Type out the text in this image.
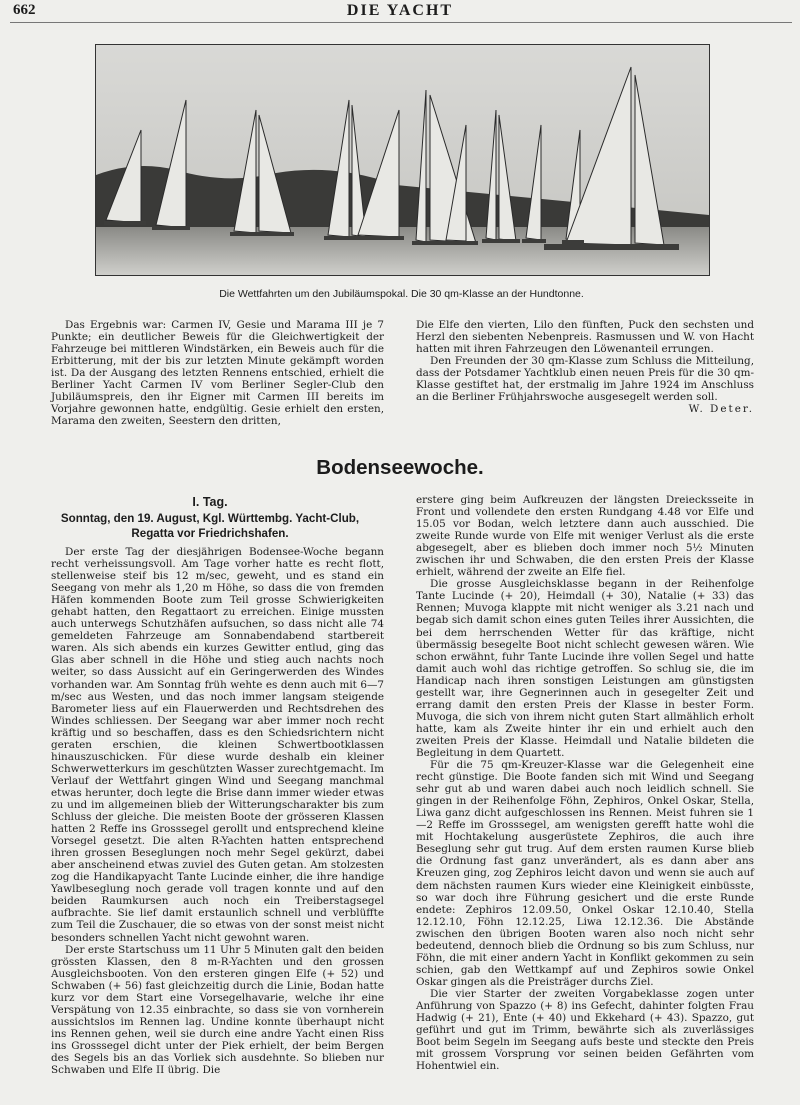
662	DIE YACHT
Die Wettfahrten um den Jubiläumspokal. Die 30 qm-Klasse an der Hundtonne.

Das Ergebnis war: Carmen IV, Gesie und Marama III je 7 Punkte; ein deutlicher Beweis für die Gleichwertigkeit der Fahrzeuge bei mittleren Windstärken, ein Beweis auch für die Erbitterung, mit der bis zur letzten Minute gekämpft worden ist. Da der Ausgang des letzten Rennens entschied, erhielt die Berliner Yacht Carmen IV vom Berliner Segler-Club den Jubiläumspreis, den ihr Eigner mit Carmen III bereits im Vorjahre gewonnen hatte, endgültig. Gesie erhielt den ersten, Marama den zweiten, Seestern den dritten,

Die Elfe den vierten, Lilo den fünften, Puck den sechsten und Herzl den siebenten Nebenpreis. Rasmussen und W. von Hacht hatten mit ihren Fahrzeugen den Löwenanteil errungen.

Den Freunden der 30 qm-Klasse zum Schluss die Mitteilung, dass der Potsdamer Yachtklub einen neuen Preis für die 30 qm-Klasse gestiftet hat, der erstmalig im Jahre 1924 im Anschluss an die Berliner Frühjahrswoche ausgesegelt werden soll.
W. Deter.

Bodenseewoche.
I. Tag.
Sonntag, den 19. August, Kgl. Württembg. Yacht-Club, Regatta vor Friedrichshafen.

Der erste Tag der diesjährigen Bodensee-Woche begann recht verheissungsvoll. Am Tage vorher hatte es recht flott, stellenweise steif bis 12 m/sec, geweht, und es stand ein Seegang von mehr als 1,20 m Höhe, so dass die von fremden Häfen kommenden Boote zum Teil grosse Schwierigkeiten gehabt hatten, den Regattaort zu erreichen. Einige mussten auch unterwegs Schutzhäfen aufsuchen, so dass nicht alle 74 gemeldeten Fahrzeuge am Sonnabendabend startbereit waren. Als sich abends ein kurzes Gewitter entlud, ging das Glas aber schnell in die Höhe und stieg auch nachts noch weiter, so dass Aussicht auf ein Geringerwerden des Windes vorhanden war. Am Sonntag früh wehte es denn auch mit 6—7 m/sec aus Westen, und das noch immer langsam steigende Barometer liess auf ein Flauerwerden und Rechtsdrehen des Windes schliessen. Der Seegang war aber immer noch recht kräftig und so beschaffen, dass es den Schiedsrichtern nicht geraten erschien, die kleinen Schwertbootklassen hinauszuschicken. Für diese wurde deshalb ein kleiner Schwerwetterkurs im geschützten Wasser zurechtgemacht. Im Verlauf der Wettfahrt gingen Wind und Seegang manchmal etwas herunter, doch legte die Brise dann immer wieder etwas zu und im allgemeinen blieb der Witterungscharakter bis zum Schluss der gleiche. Die meisten Boote der grösseren Klassen hatten 2 Reffe ins Grosssegel gerollt und entsprechend kleine Vorsegel gesetzt. Die alten R-Yachten hatten entsprechend ihren grossen Beseglungen noch mehr Segel gekürzt, dabei aber anscheinend etwas zuviel des Guten getan. Am stolzesten zog die Handikapyacht Tante Lucinde einher, die ihre handige Yawlbeseglung noch gerade voll tragen konnte und auf den beiden Raumkursen auch noch ein Treiberstagsegel aufbrachte. Sie lief damit erstaunlich schnell und verblüffte zum Teil die Zuschauer, die so etwas von der sonst meist nicht besonders schnellen Yacht nicht gewohnt waren.

Der erste Startschuss um 11 Uhr 5 Minuten galt den beiden grössten Klassen, den 8 m-R-Yachten und den grossen Ausgleichsbooten. Von den ersteren gingen Elfe (+ 52) und Schwaben (+ 56) fast gleichzeitig durch die Linie, Bodan hatte kurz vor dem Start eine Vorsegelhavarie, welche ihr eine Verspätung von 12.35 einbrachte, so dass sie von vornherein aussichtslos im Rennen lag. Undine konnte überhaupt nicht ins Rennen gehen, weil sie durch eine andre Yacht einen Riss ins Grosssegel dicht unter der Piek erhielt, der beim Bergen des Segels bis an das Vorliek sich ausdehnte. So blieben nur Schwaben und Elfe II übrig. Die

erstere ging beim Aufkreuzen der längsten Dreiecksseite in Front und vollendete den ersten Rundgang 4.48 vor Elfe und 15.05 vor Bodan, welch letztere dann auch ausschied. Die zweite Runde wurde von Elfe mit weniger Verlust als die erste abgesegelt, aber es blieben doch immer noch 5½ Minuten zwischen ihr und Schwaben, die den ersten Preis der Klasse erhielt, während der zweite an Elfe fiel.

Die grosse Ausgleichsklasse begann in der Reihenfolge Tante Lucinde (+ 20), Heimdall (+ 30), Natalie (+ 33) das Rennen; Muvoga klappte mit nicht weniger als 3.21 nach und begab sich damit schon eines guten Teiles ihrer Aussichten, die bei dem herrschenden Wetter für das kräftige, nicht übermässig besegelte Boot nicht schlecht gewesen wären. Wie schon erwähnt, fuhr Tante Lucinde ihre vollen Segel und hatte damit auch wohl das richtige getroffen. So schlug sie, die im Handicap nach ihren sonstigen Leistungen am günstigsten gestellt war, ihre Gegnerinnen auch in gesegelter Zeit und errang damit den ersten Preis der Klasse in bester Form. Muvoga, die sich von ihrem nicht guten Start allmählich erholt hatte, kam als Zweite hinter ihr ein und erhielt auch den zweiten Preis der Klasse. Heimdall und Natalie bildeten die Begleitung in dem Quartett.

Für die 75 qm-Kreuzer-Klasse war die Gelegenheit eine recht günstige. Die Boote fanden sich mit Wind und Seegang sehr gut ab und waren dabei auch noch leidlich schnell. Sie gingen in der Reihenfolge Föhn, Zephiros, Onkel Oskar, Stella, Liwa ganz dicht aufgeschlossen ins Rennen. Meist fuhren sie 1—2 Reffe im Grosssegel, am wenigsten gerefft hatte wohl die mit Hochtakelung ausgerüstete Zephiros, die auch ihre Beseglung sehr gut trug. Auf dem ersten raumen Kurse blieb die Ordnung fast ganz unverändert, als es dann aber ans Kreuzen ging, zog Zephiros leicht davon und wenn sie auch auf dem nächsten raumen Kurs wieder eine Kleinigkeit einbüsste, so war doch ihre Führung gesichert und die erste Runde endete: Zephiros 12.09.50, Onkel Oskar 12.10.40, Stella 12.12.10, Föhn 12.12.25, Liwa 12.12.36. Die Abstände zwischen den übrigen Booten waren also noch nicht sehr bedeutend, dennoch blieb die Ordnung so bis zum Schluss, nur Föhn, die mit einer andern Yacht in Konflikt gekommen zu sein schien, gab den Wettkampf auf und Zephiros sowie Onkel Oskar gingen als die Preisträger durchs Ziel.

Die vier Starter der zweiten Vorgabeklasse zogen unter Anführung von Spazzo (+ 8) ins Gefecht, dahinter folgten Frau Hadwig (+ 21), Ente (+ 40) und Ekkehard (+ 43). Spazzo, gut geführt und gut im Trimm, bewährte sich als zuverlässiges Boot beim Segeln im Seegang aufs beste und steckte den Preis mit grossem Vorsprung vor seinen beiden Gefährten vom Hohentwiel ein.
